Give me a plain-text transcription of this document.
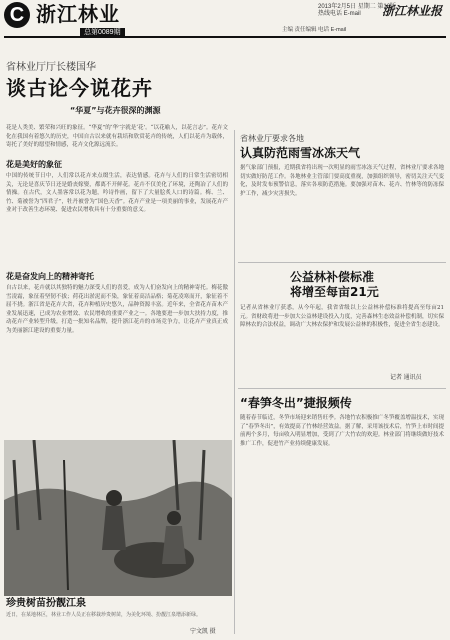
C 浙江林业
总第0089期
2013年2月5日 星期二 第16版 热线电话 E-mail	浙江林业报
主编 责任编辑 电话 E-mail
省林业厅厅长楼国华
谈古论今说花卉
“华夏”与花卉很深的渊源
花是人类美、繁荣和兴旺的象征。“华夏”的‘华’字就是‘花’。“以花喻人，以花言志”。花卉文化在我国有着悠久的历史，中国自古以来就有栽培和欣赏花卉的传统，人们以花卉为载体，寄托了美好的愿望和情感，花卉文化源远流长。
花是美好的象征
中国的传统节日中，人们常以花卉来点缀生活，表达情感。花卉与人们的日常生活密切相关，无论是喜庆节日还是婚丧嫁娶，都离不开鲜花。花卉不仅美化了环境，还陶冶了人们的情操。在古代，文人墨客常以花为题，吟诗作画，留下了大量脍炙人口的诗篇。梅、兰、竹、菊被誉为“四君子”，牡丹被誉为“国色天香”。花卉产业是一项美丽的事业，发展花卉产业对于改善生态环境、促进农民增收具有十分重要的意义。
花是奋发向上的精神寄托
自古以来，花卉就以其独特的魅力深受人们的喜爱，成为人们奋发向上的精神寄托。梅花傲雪凌霜，象征着坚韧不拔；荷花出淤泥而不染，象征着高洁品格；菊花凌寒而开，象征着不屈不挠。浙江省是花卉大省，花卉种植历史悠久，品种资源丰富。近年来，全省花卉苗木产业发展迅速，已成为农业增效、农民增收的重要产业之一。各地要进一步加大扶持力度，推动花卉产业转型升级，打造一批知名品牌，提升浙江花卉的市场竞争力，让花卉产业真正成为美丽浙江建设的重要力量。
省林业厅要求各地
认真防范雨雪冰冻天气
据气象部门预报，近期我省将出现一次明显的雨雪冰冻天气过程，省林业厅要求各地切实做好防范工作。各地林业主管部门要高度重视，加强组织领导，密切关注天气变化，及时发布预警信息，落实各项防范措施。要加强对苗木、花卉、竹林等的防冻保护工作，减少灾害损失。
公益林补偿标准
将增至每亩21元
记者从省林业厅获悉，从今年起，我省省级以上公益林补偿标准将提高至每亩21元。省财政将进一步加大公益林建设投入力度，完善森林生态效益补偿机制，切实保障林农的合法权益，调动广大林农保护和发展公益林的积极性，促进全省生态建设。
记者 通讯员
“春笋冬出”捷报频传
随着春节临近，冬笋市场迎来销售旺季。各地竹农积极推广冬笋覆盖增温技术，实现了“春笋冬出”，有效提高了竹林经营效益。据了解，采用该技术后，竹笋上市时间提前两个多月，每亩收入明显增加，受到了广大竹农的欢迎。林业部门将继续做好技术推广工作，促进竹产业持续健康发展。
珍贵树苗扮靓江泉
近日，在某地林区，林业工作人员正在移栽珍贵树苗，为美化环境、扮靓江泉增添新绿。
宁文凯 摄
